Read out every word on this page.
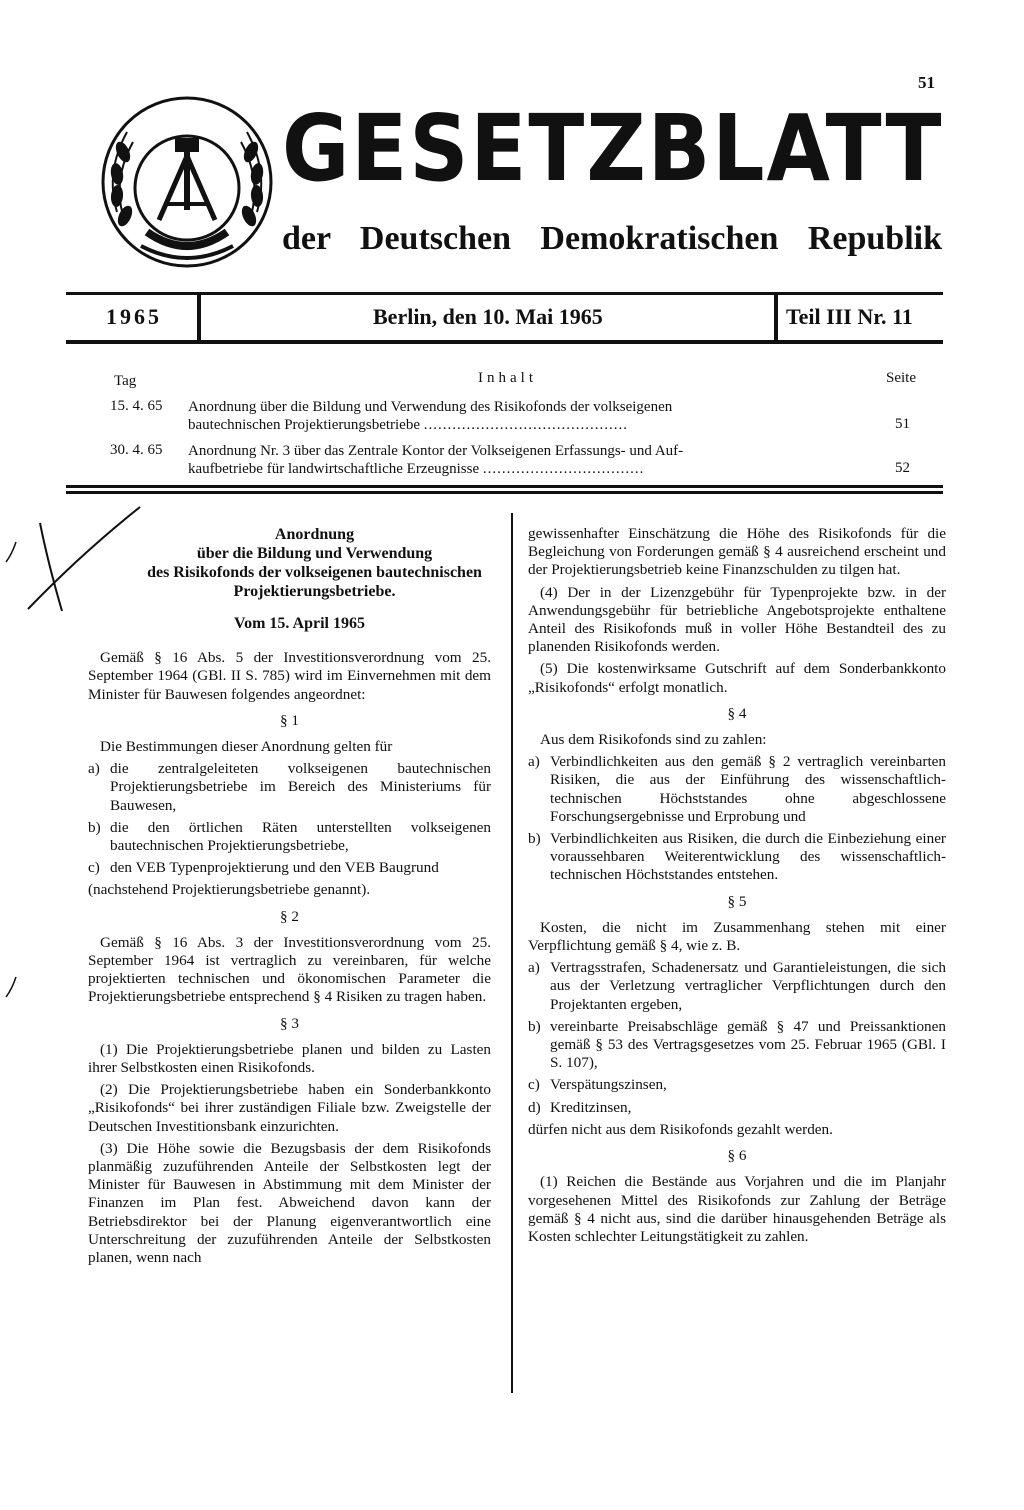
51
GESETZBLATT
der Deutschen Demokratischen Republik
1965	Berlin, den 10. Mai 1965	Teil III Nr. 11
Tag	Inhalt	Seite
15. 4. 65 Anordnung über die Bildung und Verwendung des Risikofonds der volkseigenen
bautechnischen Projektierungsbetriebe ...........................................	51
30. 4. 65 Anordnung Nr. 3 über das Zentrale Kontor der Volkseigenen Erfassungs- und Auf-
kaufbetriebe für landwirtschaftliche Erzeugnisse ..................................	52
Anordnung
über die Bildung und Verwendung
des Risikofonds der volkseigenen bautechnischen
Projektierungsbetriebe.
Vom 15. April 1965

Gemäß § 16 Abs. 5 der Investitionsverordnung vom 25. September 1964 (GBl. II S. 785) wird im Einvernehmen mit dem Minister für Bauwesen folgendes angeordnet:

§ 1

Die Bestimmungen dieser Anordnung gelten für

a) die zentralgeleiteten volkseigenen bautechnischen Projektierungsbetriebe im Bereich des Ministeriums für Bauwesen,
b) die den örtlichen Räten unterstellten volkseigenen bautechnischen Projektierungsbetriebe,
c) den VEB Typenprojektierung und den VEB Baugrund

(nachstehend Projektierungsbetriebe genannt).

§ 2

Gemäß § 16 Abs. 3 der Investitionsverordnung vom 25. September 1964 ist vertraglich zu vereinbaren, für welche projektierten technischen und ökonomischen Parameter die Projektierungsbetriebe entsprechend § 4 Risiken zu tragen haben.

§ 3

(1) Die Projektierungsbetriebe planen und bilden zu Lasten ihrer Selbstkosten einen Risikofonds.

(2) Die Projektierungsbetriebe haben ein Sonderbankkonto „Risikofonds“ bei ihrer zuständigen Filiale bzw. Zweigstelle der Deutschen Investitionsbank einzurichten.

(3) Die Höhe sowie die Bezugsbasis der dem Risikofonds planmäßig zuzuführenden Anteile der Selbstkosten legt der Minister für Bauwesen in Abstimmung mit dem Minister der Finanzen im Plan fest. Abweichend davon kann der Betriebsdirektor bei der Planung eigenverantwortlich eine Unterschreitung der zuzuführenden Anteile der Selbstkosten planen, wenn nach

gewissenhafter Einschätzung die Höhe des Risikofonds für die Begleichung von Forderungen gemäß § 4 ausreichend erscheint und der Projektierungsbetrieb keine Finanzschulden zu tilgen hat.

(4) Der in der Lizenzgebühr für Typenprojekte bzw. in der Anwendungsgebühr für betriebliche Angebotsprojekte enthaltene Anteil des Risikofonds muß in voller Höhe Bestandteil des zu planenden Risikofonds werden.

(5) Die kostenwirksame Gutschrift auf dem Sonderbankkonto „Risikofonds“ erfolgt monatlich.

§ 4

Aus dem Risikofonds sind zu zahlen:

a) Verbindlichkeiten aus den gemäß § 2 vertraglich vereinbarten Risiken, die aus der Einführung des wissenschaftlich-technischen Höchststandes ohne abgeschlossene Forschungsergebnisse und Erprobung und
b) Verbindlichkeiten aus Risiken, die durch die Einbeziehung einer voraussehbaren Weiterentwicklung des wissenschaftlich-technischen Höchststandes entstehen.
§ 5

Kosten, die nicht im Zusammenhang stehen mit einer Verpflichtung gemäß § 4, wie z. B.

a) Vertragsstrafen, Schadenersatz und Garantieleistungen, die sich aus der Verletzung vertraglicher Verpflichtungen durch den Projektanten ergeben,
b) vereinbarte Preisabschläge gemäß § 47 und Preissanktionen gemäß § 53 des Vertragsgesetzes vom 25. Februar 1965 (GBl. I S. 107),
c) Verspätungszinsen,
d) Kreditzinsen,

dürfen nicht aus dem Risikofonds gezahlt werden.

§ 6

(1) Reichen die Bestände aus Vorjahren und die im Planjahr vorgesehenen Mittel des Risikofonds zur Zahlung der Beträge gemäß § 4 nicht aus, sind die darüber hinausgehenden Beträge als Kosten schlechter Leitungstätigkeit zu zahlen.
